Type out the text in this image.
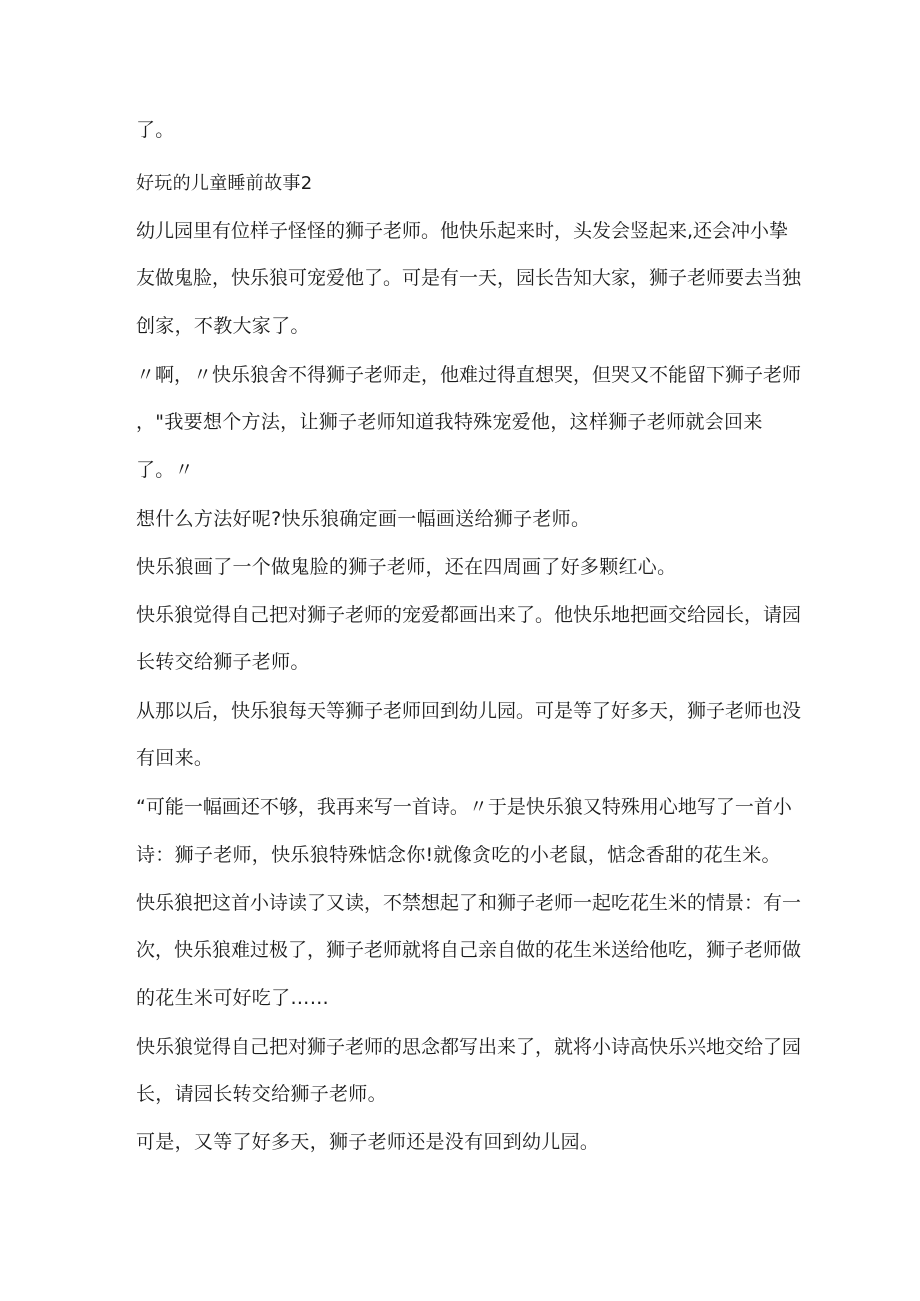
了。
好玩的儿童睡前故事2
幼儿园里有位样子怪怪的狮子老师。他快乐起来时，头发会竖起来,还会冲小挚
友做鬼脸，快乐狼可宠爱他了。可是有一天，园长告知大家，狮子老师要去当独
创家，不教大家了。
〃啊，〃快乐狼舍不得狮子老师走，他难过得直想哭，但哭又不能留下狮子老师
，"我要想个方法，让狮子老师知道我特殊宠爱他，这样狮子老师就会回来
了。〃
想什么方法好呢?快乐狼确定画一幅画送给狮子老师。
快乐狼画了一个做鬼脸的狮子老师，还在四周画了好多颗红心。
快乐狼觉得自己把对狮子老师的宠爱都画出来了。他快乐地把画交给园长，请园
长转交给狮子老师。
从那以后，快乐狼每天等狮子老师回到幼儿园。可是等了好多天，狮子老师也没
有回来。
“可能一幅画还不够，我再来写一首诗。〃于是快乐狼又特殊用心地写了一首小
诗：狮子老师，快乐狼特殊惦念你!就像贪吃的小老鼠，惦念香甜的花生米。
快乐狼把这首小诗读了又读，不禁想起了和狮子老师一起吃花生米的情景：有一
次，快乐狼难过极了，狮子老师就将自己亲自做的花生米送给他吃，狮子老师做
的花生米可好吃了……
快乐狼觉得自己把对狮子老师的思念都写出来了，就将小诗高快乐兴地交给了园
长，请园长转交给狮子老师。
可是，又等了好多天，狮子老师还是没有回到幼儿园。
